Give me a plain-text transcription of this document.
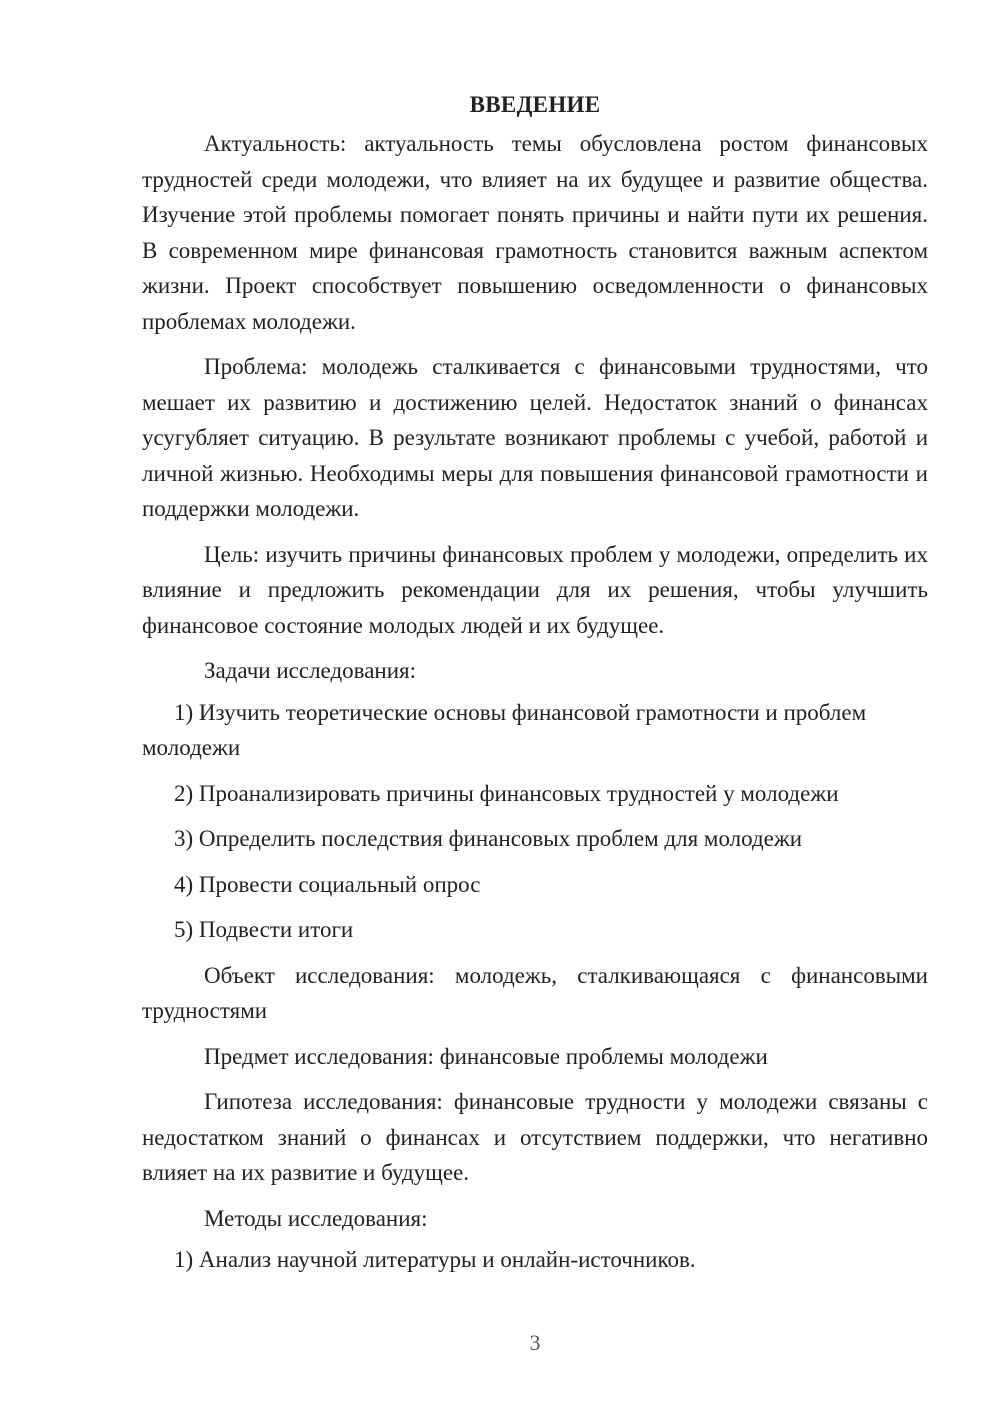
ВВЕДЕНИЕ

Актуальность: актуальность темы обусловлена ростом финансовых трудностей среди молодежи, что влияет на их будущее и развитие общества. Изучение этой проблемы помогает понять причины и найти пути их решения. В современном мире финансовая грамотность становится важным аспектом жизни. Проект способствует повышению осведомленности о финансовых проблемах молодежи.

Проблема: молодежь сталкивается с финансовыми трудностями, что мешает их развитию и достижению целей. Недостаток знаний о финансах усугубляет ситуацию. В результате возникают проблемы с учебой, работой и личной жизнью. Необходимы меры для повышения финансовой грамотности и поддержки молодежи.

Цель: изучить причины финансовых проблем у молодежи, определить их влияние и предложить рекомендации для их решения, чтобы улучшить финансовое состояние молодых людей и их будущее.

Задачи исследования:

1) Изучить теоретические основы финансовой грамотности и проблем молодежи

2) Проанализировать причины финансовых трудностей у молодежи

3) Определить последствия финансовых проблем для молодежи

4) Провести социальный опрос

5) Подвести итоги

Объект исследования: молодежь, сталкивающаяся с финансовыми трудностями

Предмет исследования: финансовые проблемы молодежи

Гипотеза исследования: финансовые трудности у молодежи связаны с недостатком знаний о финансах и отсутствием поддержки, что негативно влияет на их развитие и будущее.

Методы исследования:

1) Анализ научной литературы и онлайн-источников.

3
